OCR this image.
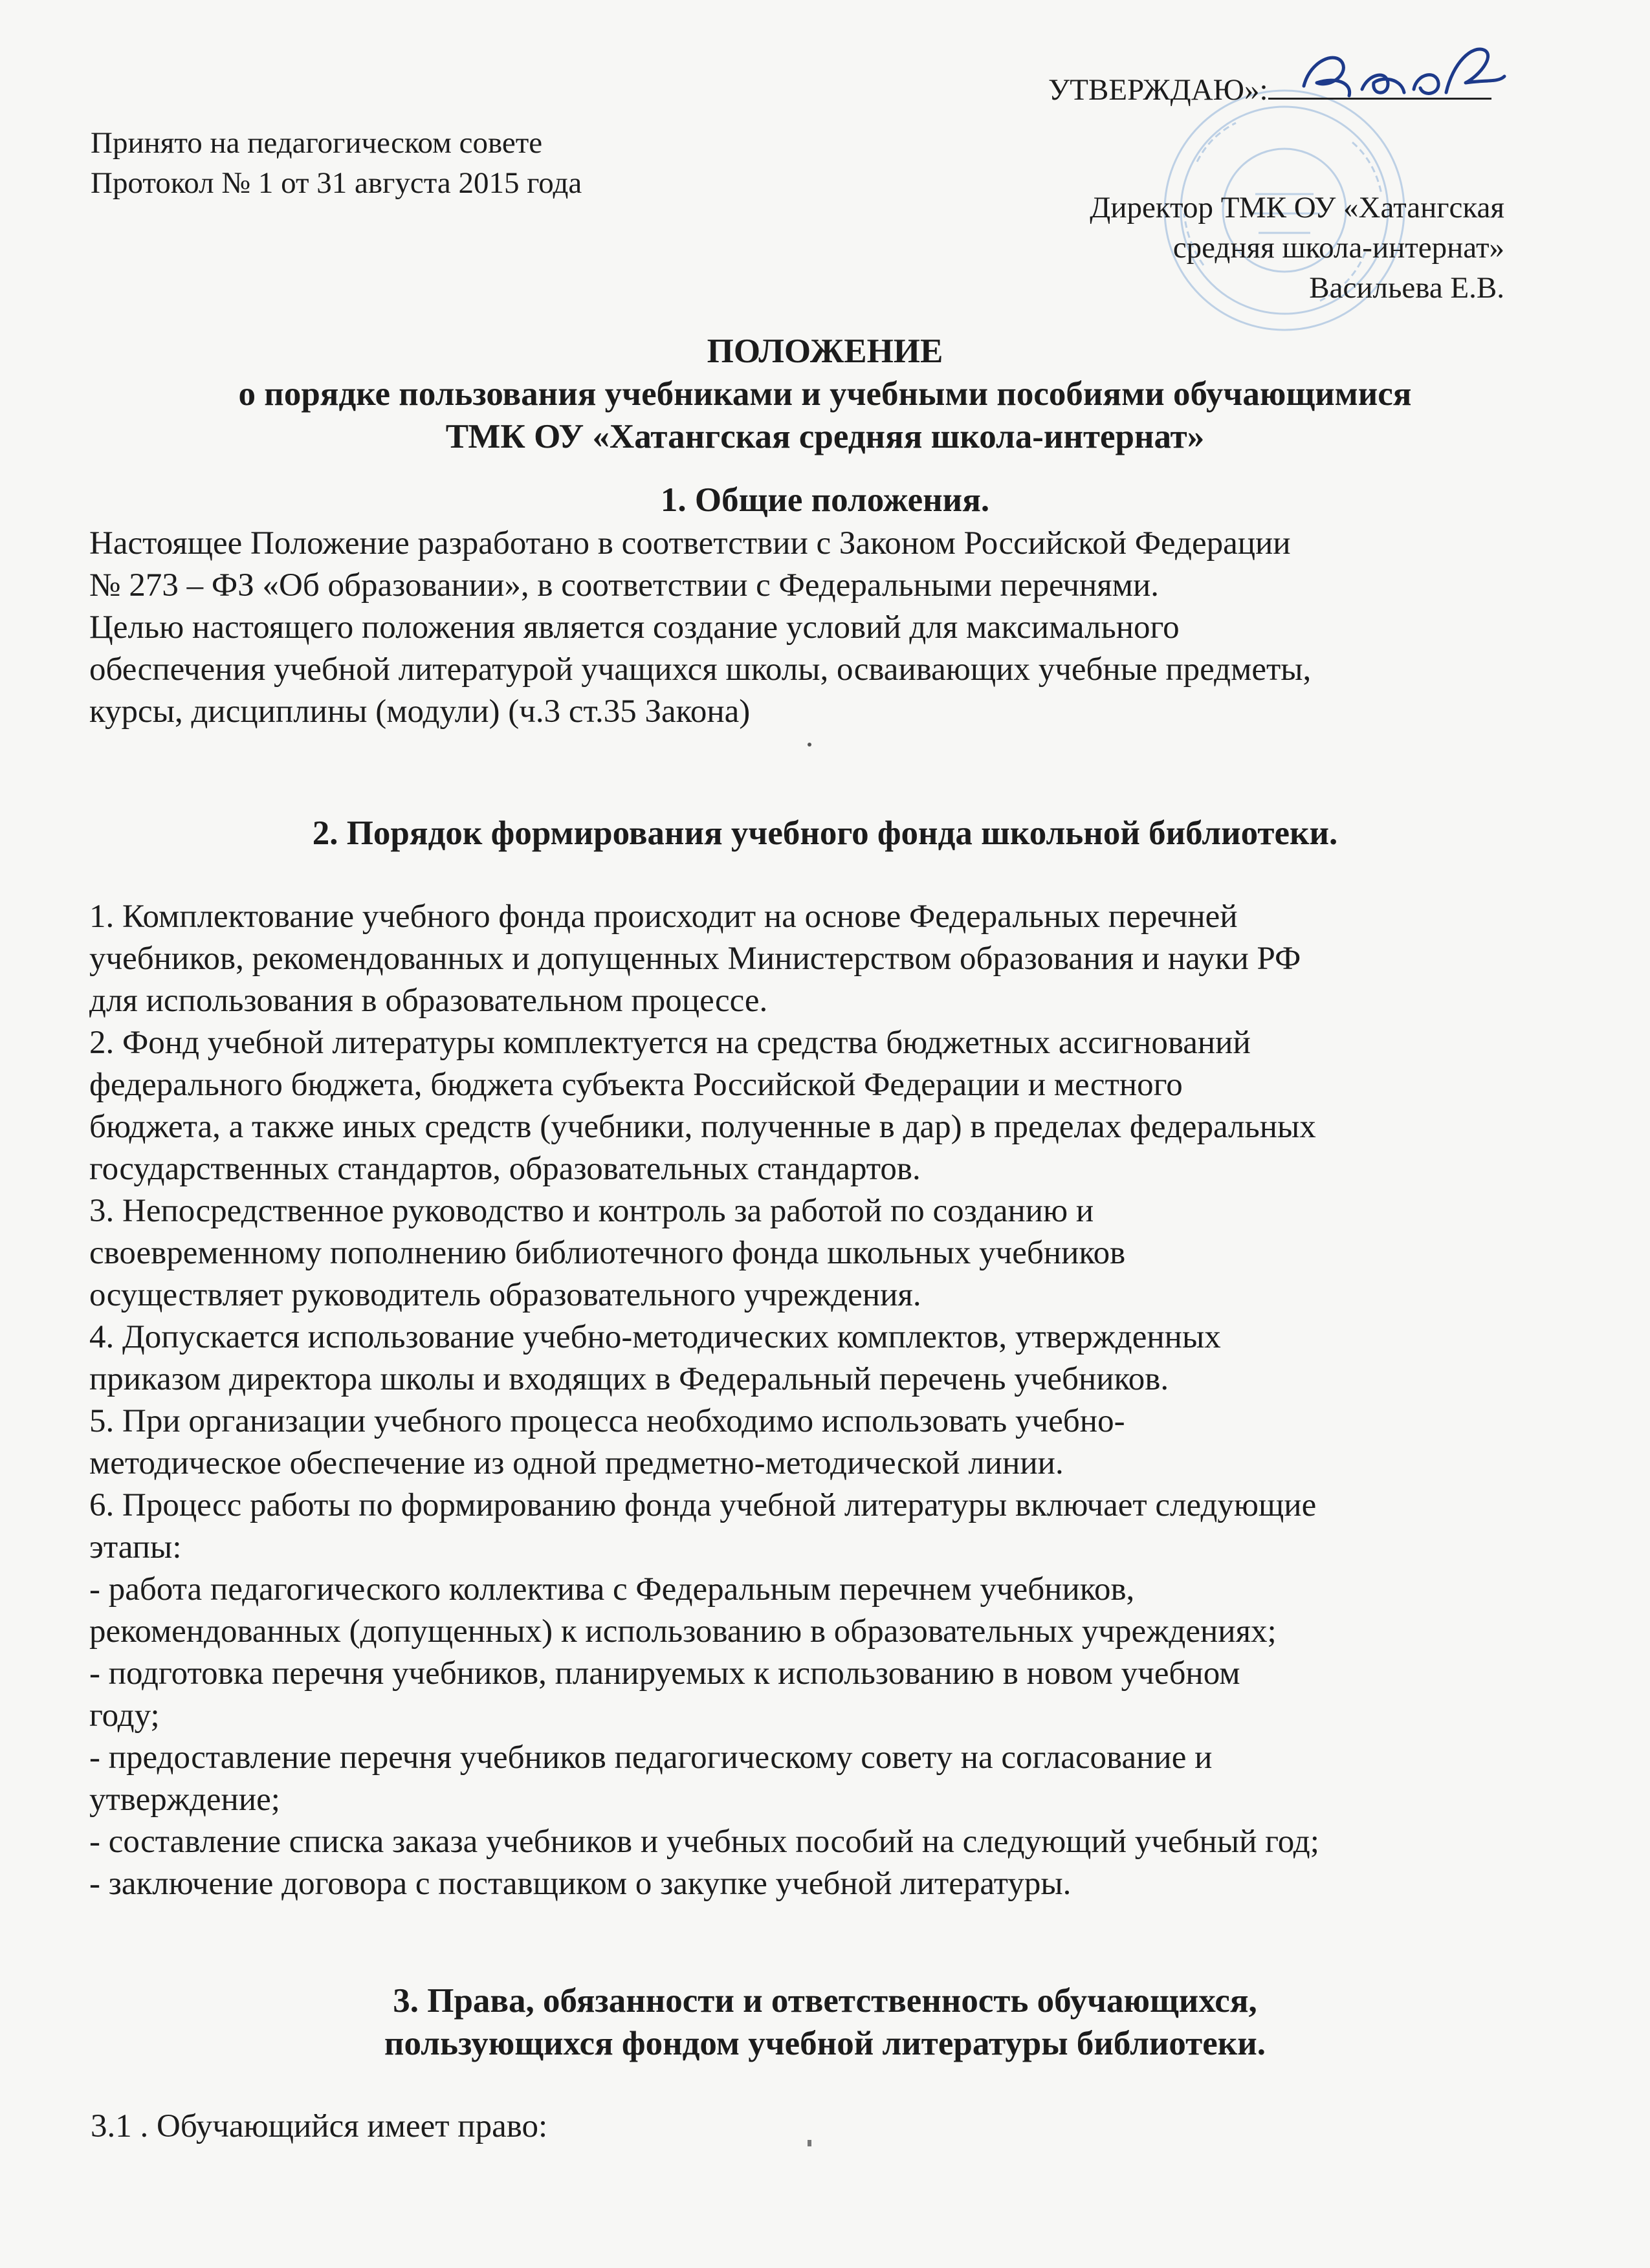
УТВЕРЖДАЮ»:

Принято на педагогическом совете
Протокол № 1 от 31 августа 2015 года
Директор ТМК ОУ «Хатангская
средняя школа-интернат»
Васильева Е.В.
ПОЛОЖЕНИЕ
о порядке пользования учебниками и учебными пособиями обучающимися
ТМК ОУ «Хатангская средняя школа-интернат»
1. Общие положения.
Настоящее Положение разработано в соответствии с Законом Российской Федерации
№ 273 – ФЗ «Об образовании», в соответствии с Федеральными перечнями.
Целью настоящего положения является создание условий для максимального
обеспечения учебной литературой учащихся школы, осваивающих учебные предметы,
курсы, дисциплины (модули) (ч.3 ст.35 Закона)
2. Порядок формирования учебного фонда школьной библиотеки.
1. Комплектование учебного фонда происходит на основе Федеральных перечней
учебников, рекомендованных и допущенных Министерством образования и науки РФ
для использования в образовательном процессе.
2. Фонд учебной литературы комплектуется на средства бюджетных ассигнований
федерального бюджета, бюджета субъекта Российской Федерации и местного
бюджета, а также иных средств (учебники, полученные в дар) в пределах федеральных
государственных стандартов, образовательных стандартов.
3. Непосредственное руководство и контроль за работой по созданию и
своевременному пополнению библиотечного фонда школьных учебников
осуществляет руководитель образовательного учреждения.
4. Допускается использование учебно-методических комплектов, утвержденных
приказом директора школы и входящих в Федеральный перечень учебников.
5. При организации учебного процесса необходимо использовать учебно-
методическое обеспечение из одной предметно-методической линии.
6. Процесс работы по формированию фонда учебной литературы включает следующие
этапы:
- работа педагогического коллектива с Федеральным перечнем учебников,
рекомендованных (допущенных) к использованию в образовательных учреждениях;
- подготовка перечня учебников, планируемых к использованию в новом учебном
году;
- предоставление перечня учебников педагогическому совету на согласование и
утверждение;
- составление списка заказа учебников и учебных пособий на следующий учебный год;
- заключение договора с поставщиком о закупке учебной литературы.
3. Права, обязанности и ответственность обучающихся,
пользующихся фондом учебной литературы библиотеки.
3.1 . Обучающийся имеет право:
